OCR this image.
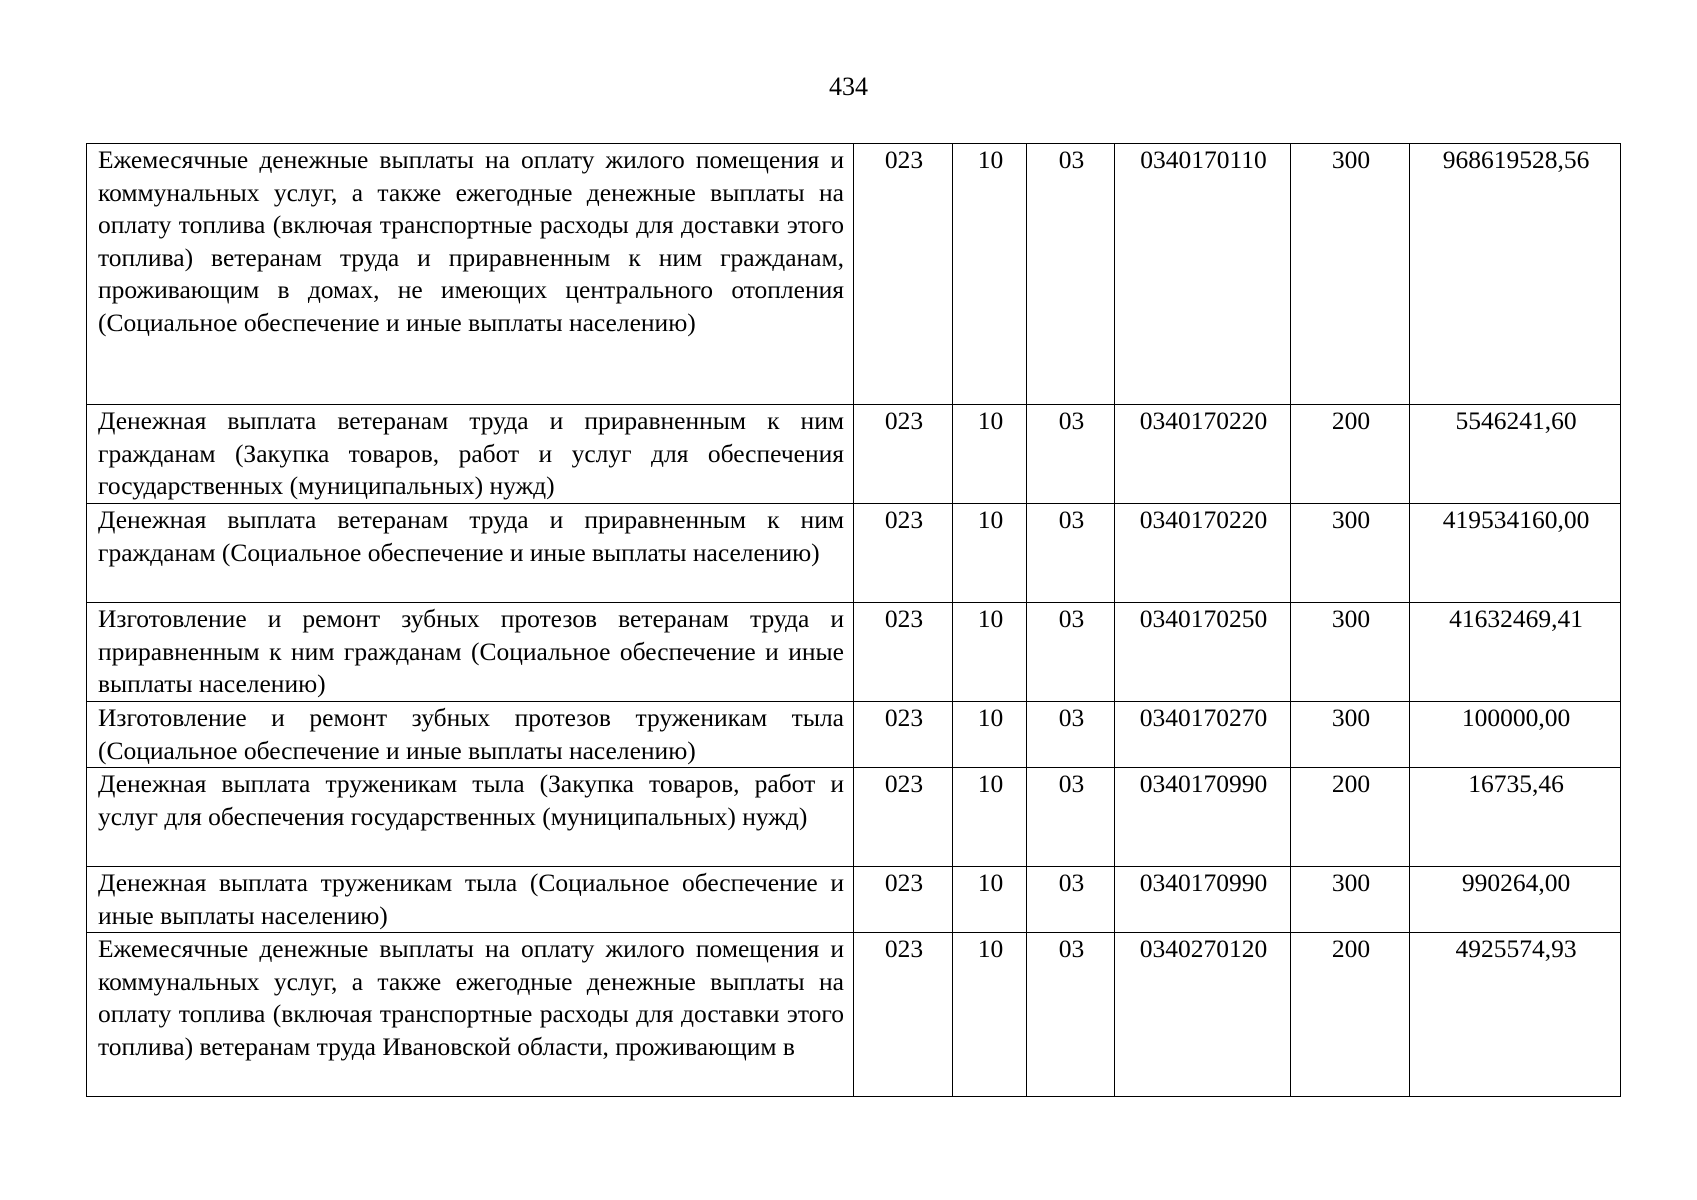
434
Ежемесячные денежные выплаты на оплату жилого помещения и коммунальных услуг, а также ежегодные денежные выплаты на оплату топлива (включая транспортные расходы для доставки этого топлива) ветеранам труда и приравненным к ним гражданам, проживающим в домах, не имеющих центрального отопления (Социальное обеспечение и иные выплаты населению)	023	10	03	0340170110	300	968619528,56
Денежная выплата ветеранам труда и приравненным к ним гражданам (Закупка товаров, работ и услуг для обеспечения государственных (муниципальных) нужд)	023	10	03	0340170220	200	5546241,60
Денежная выплата ветеранам труда и приравненным к ним гражданам (Социальное обеспечение и иные выплаты населению)	023	10	03	0340170220	300	419534160,00
Изготовление и ремонт зубных протезов ветеранам труда и приравненным к ним гражданам (Социальное обеспечение и иные выплаты населению)	023	10	03	0340170250	300	41632469,41
Изготовление и ремонт зубных протезов труженикам тыла (Социальное обеспечение и иные выплаты населению)	023	10	03	0340170270	300	100000,00
Денежная выплата труженикам тыла (Закупка товаров, работ и услуг для обеспечения государственных (муниципальных) нужд)	023	10	03	0340170990	200	16735,46
Денежная выплата труженикам тыла (Социальное обеспечение и иные выплаты населению)	023	10	03	0340170990	300	990264,00
Ежемесячные денежные выплаты на оплату жилого помещения и коммунальных услуг, а также ежегодные денежные выплаты на оплату топлива (включая транспортные расходы для доставки этого топлива) ветеранам труда Ивановской области, проживающим в	023	10	03	0340270120	200	4925574,93
